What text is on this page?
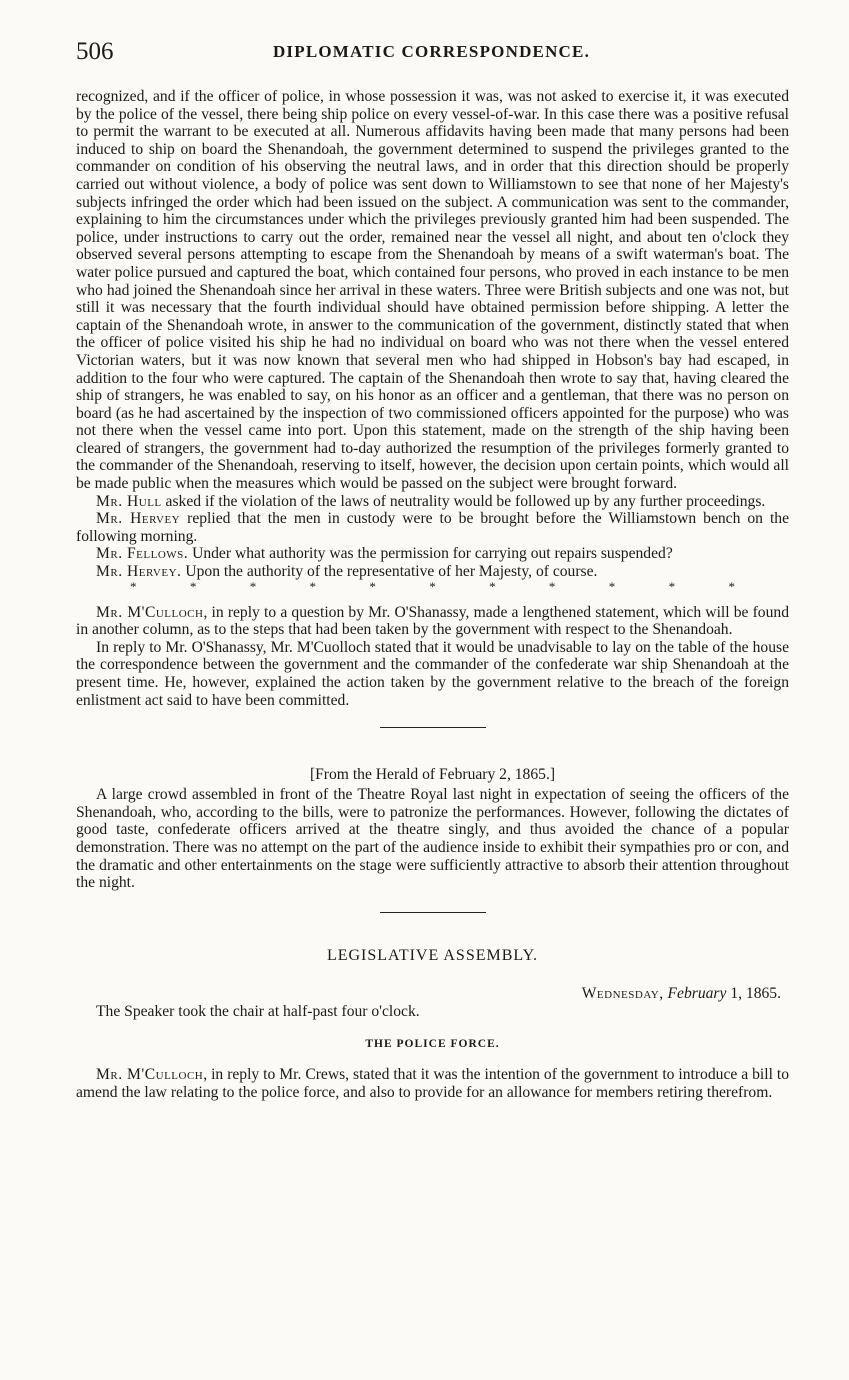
506	DIPLOMATIC CORRESPONDENCE.

recognized, and if the officer of police, in whose possession it was, was not asked to exercise it, it was executed by the police of the vessel, there being ship police on every vessel-of-war. In this case there was a positive refusal to permit the warrant to be executed at all. Numerous affidavits having been made that many persons had been induced to ship on board the Shenandoah, the government determined to suspend the privileges granted to the commander on condition of his observing the neutral laws, and in order that this direction should be properly carried out without violence, a body of police was sent down to Williamstown to see that none of her Majesty's subjects infringed the order which had been issued on the subject. A communication was sent to the commander, explaining to him the circumstances under which the privileges previously granted him had been suspended. The police, under instructions to carry out the order, remained near the vessel all night, and about ten o'clock they observed several persons attempting to escape from the Shenandoah by means of a swift waterman's boat. The water police pursued and captured the boat, which contained four persons, who proved in each instance to be men who had joined the Shenandoah since her arrival in these waters. Three were British subjects and one was not, but still it was necessary that the fourth individual should have obtained permission before shipping. A letter the captain of the Shenandoah wrote, in answer to the communication of the government, distinctly stated that when the officer of police visited his ship he had no individual on board who was not there when the vessel entered Victorian waters, but it was now known that several men who had shipped in Hobson's bay had escaped, in addition to the four who were captured. The captain of the Shenandoah then wrote to say that, having cleared the ship of strangers, he was enabled to say, on his honor as an officer and a gentleman, that there was no person on board (as he had ascertained by the inspection of two commissioned officers appointed for the purpose) who was not there when the vessel came into port. Upon this statement, made on the strength of the ship having been cleared of strangers, the government had to-day authorized the resumption of the privileges formerly granted to the commander of the Shenandoah, reserving to itself, however, the decision upon certain points, which would all be made public when the measures which would be passed on the subject were brought forward.

Mr. Hull asked if the violation of the laws of neutrality would be followed up by any further proceedings.

Mr. Hervey replied that the men in custody were to be brought before the Williamstown bench on the following morning.

Mr. Fellows. Under what authority was the permission for carrying out repairs suspended?

Mr. Hervey. Upon the authority of the representative of her Majesty, of course.

*	*	*	*	*	*	*	*	*	*	*

Mr. M'Culloch, in reply to a question by Mr. O'Shanassy, made a lengthened statement, which will be found in another column, as to the steps that had been taken by the government with respect to the Shenandoah.

In reply to Mr. O'Shanassy, Mr. M'Cuolloch stated that it would be unadvisable to lay on the table of the house the correspondence between the government and the commander of the confederate war ship Shenandoah at the present time. He, however, explained the action taken by the government relative to the breach of the foreign enlistment act said to have been committed.

[From the Herald of February 2, 1865.]

A large crowd assembled in front of the Theatre Royal last night in expectation of seeing the officers of the Shenandoah, who, according to the bills, were to patronize the performances. However, following the dictates of good taste, confederate officers arrived at the theatre singly, and thus avoided the chance of a popular demonstration. There was no attempt on the part of the audience inside to exhibit their sympathies pro or con, and the dramatic and other entertainments on the stage were sufficiently attractive to absorb their attention throughout the night.

LEGISLATIVE ASSEMBLY.
Wednesday, February 1, 1865.

The Speaker took the chair at half-past four o'clock.

THE POLICE FORCE.

Mr. M'Culloch, in reply to Mr. Crews, stated that it was the intention of the government to introduce a bill to amend the law relating to the police force, and also to provide for an allowance for members retiring therefrom.
